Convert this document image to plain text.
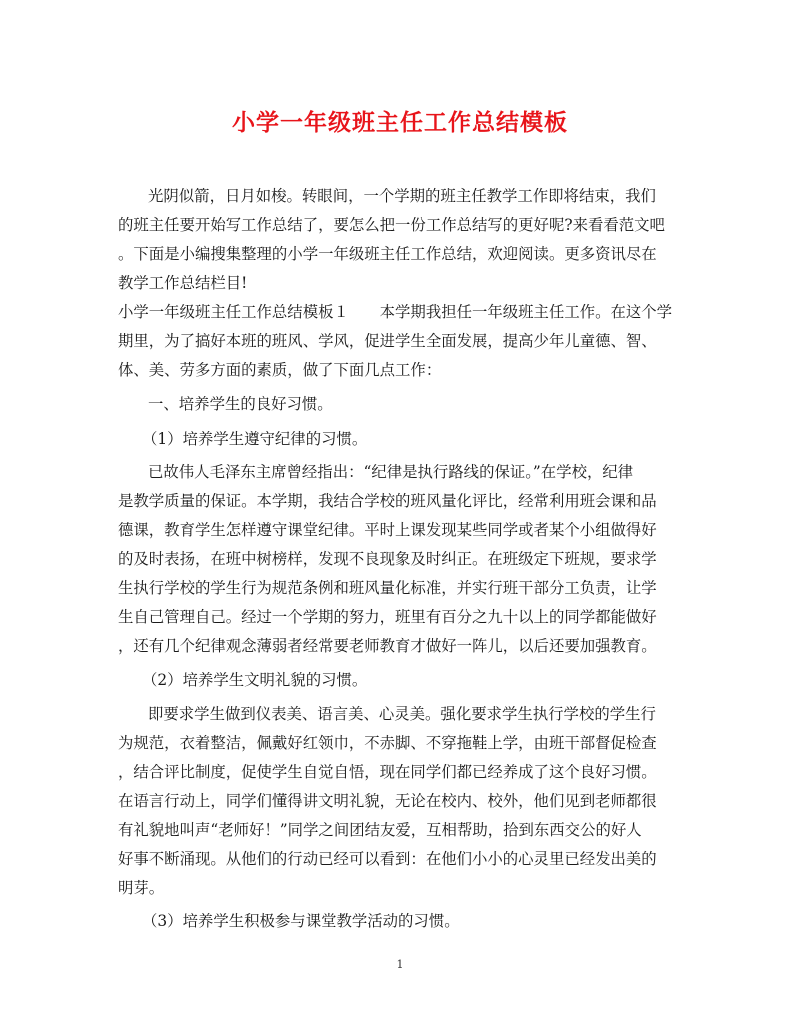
小学一年级班主任工作总结模板
光阴似箭，日月如梭。转眼间，一个学期的班主任教学工作即将结束，我们
的班主任要开始写工作总结了，要怎么把一份工作总结写的更好呢?来看看范文吧
。下面是小编搜集整理的小学一年级班主任工作总结，欢迎阅读。更多资讯尽在
教学工作总结栏目!
小学一年级班主任工作总结模板１　　本学期我担任一年级班主任工作。在这个学
期里，为了搞好本班的班风、学风，促进学生全面发展，提高少年儿童德、智、
体、美、劳多方面的素质，做了下面几点工作：
一、培养学生的良好习惯。
（1）培养学生遵守纪律的习惯。
已故伟人毛泽东主席曾经指出：“纪律是执行路线的保证。”在学校，纪律
是教学质量的保证。本学期，我结合学校的班风量化评比，经常利用班会课和品
德课，教育学生怎样遵守课堂纪律。平时上课发现某些同学或者某个小组做得好
的及时表扬，在班中树榜样，发现不良现象及时纠正。在班级定下班规，要求学
生执行学校的学生行为规范条例和班风量化标准，并实行班干部分工负责，让学
生自己管理自己。经过一个学期的努力，班里有百分之九十以上的同学都能做好
，还有几个纪律观念薄弱者经常要老师教育才做好一阵儿，以后还要加强教育。
（2）培养学生文明礼貌的习惯。
即要求学生做到仪表美、语言美、心灵美。强化要求学生执行学校的学生行
为规范，衣着整洁，佩戴好红领巾，不赤脚、不穿拖鞋上学，由班干部督促检查
，结合评比制度，促使学生自觉自悟，现在同学们都已经养成了这个良好习惯。
在语言行动上，同学们懂得讲文明礼貌，无论在校内、校外，他们见到老师都很
有礼貌地叫声“老师好！”同学之间团结友爱，互相帮助，拾到东西交公的好人
好事不断涌现。从他们的行动已经可以看到：在他们小小的心灵里已经发出美的
明芽。
（3）培养学生积极参与课堂教学活动的习惯。
1
